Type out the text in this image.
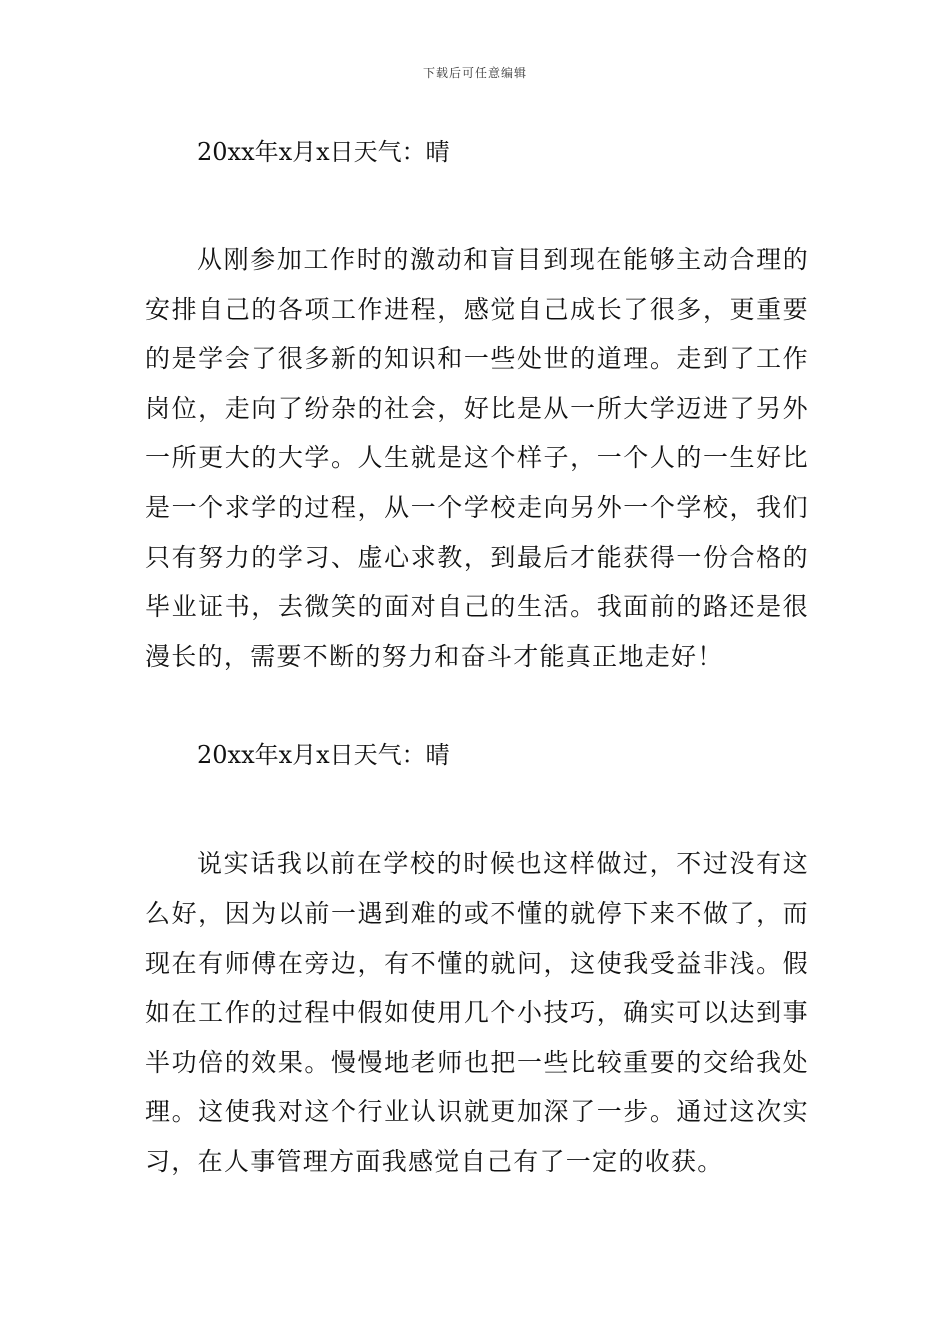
下载后可任意编辑

20xx年x月x日天气：晴

从刚参加工作时的激动和盲目到现在能够主动合理的安排自己的各项工作进程，感觉自己成长了很多，更重要的是学会了很多新的知识和一些处世的道理。走到了工作岗位，走向了纷杂的社会，好比是从一所大学迈进了另外一所更大的大学。人生就是这个样子，一个人的一生好比是一个求学的过程，从一个学校走向另外一个学校，我们只有努力的学习、虚心求教，到最后才能获得一份合格的毕业证书，去微笑的面对自己的生活。我面前的路还是很漫长的，需要不断的努力和奋斗才能真正地走好！

20xx年x月x日天气：晴

说实话我以前在学校的时候也这样做过，不过没有这么好，因为以前一遇到难的或不懂的就停下来不做了，而现在有师傅在旁边，有不懂的就问，这使我受益非浅。假如在工作的过程中假如使用几个小技巧，确实可以达到事半功倍的效果。慢慢地老师也把一些比较重要的交给我处理。这使我对这个行业认识就更加深了一步。通过这次实习，在人事管理方面我感觉自己有了一定的收获。
